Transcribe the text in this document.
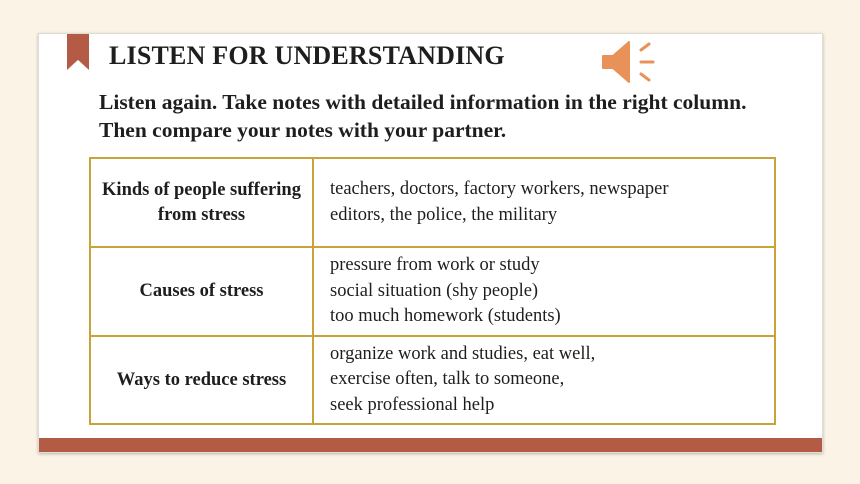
LISTEN FOR UNDERSTANDING
Listen again. Take notes with detailed information in the right column. Then compare your notes with your partner.
Kinds of people suffering from stress	teachers, doctors, factory workers, newspaper
editors, the police, the military

Causes of stress	pressure from work or study
social situation (shy people)
too much homework (students)

Ways to reduce stress	organize work and studies, eat well,
exercise often, talk to someone,
seek professional help
